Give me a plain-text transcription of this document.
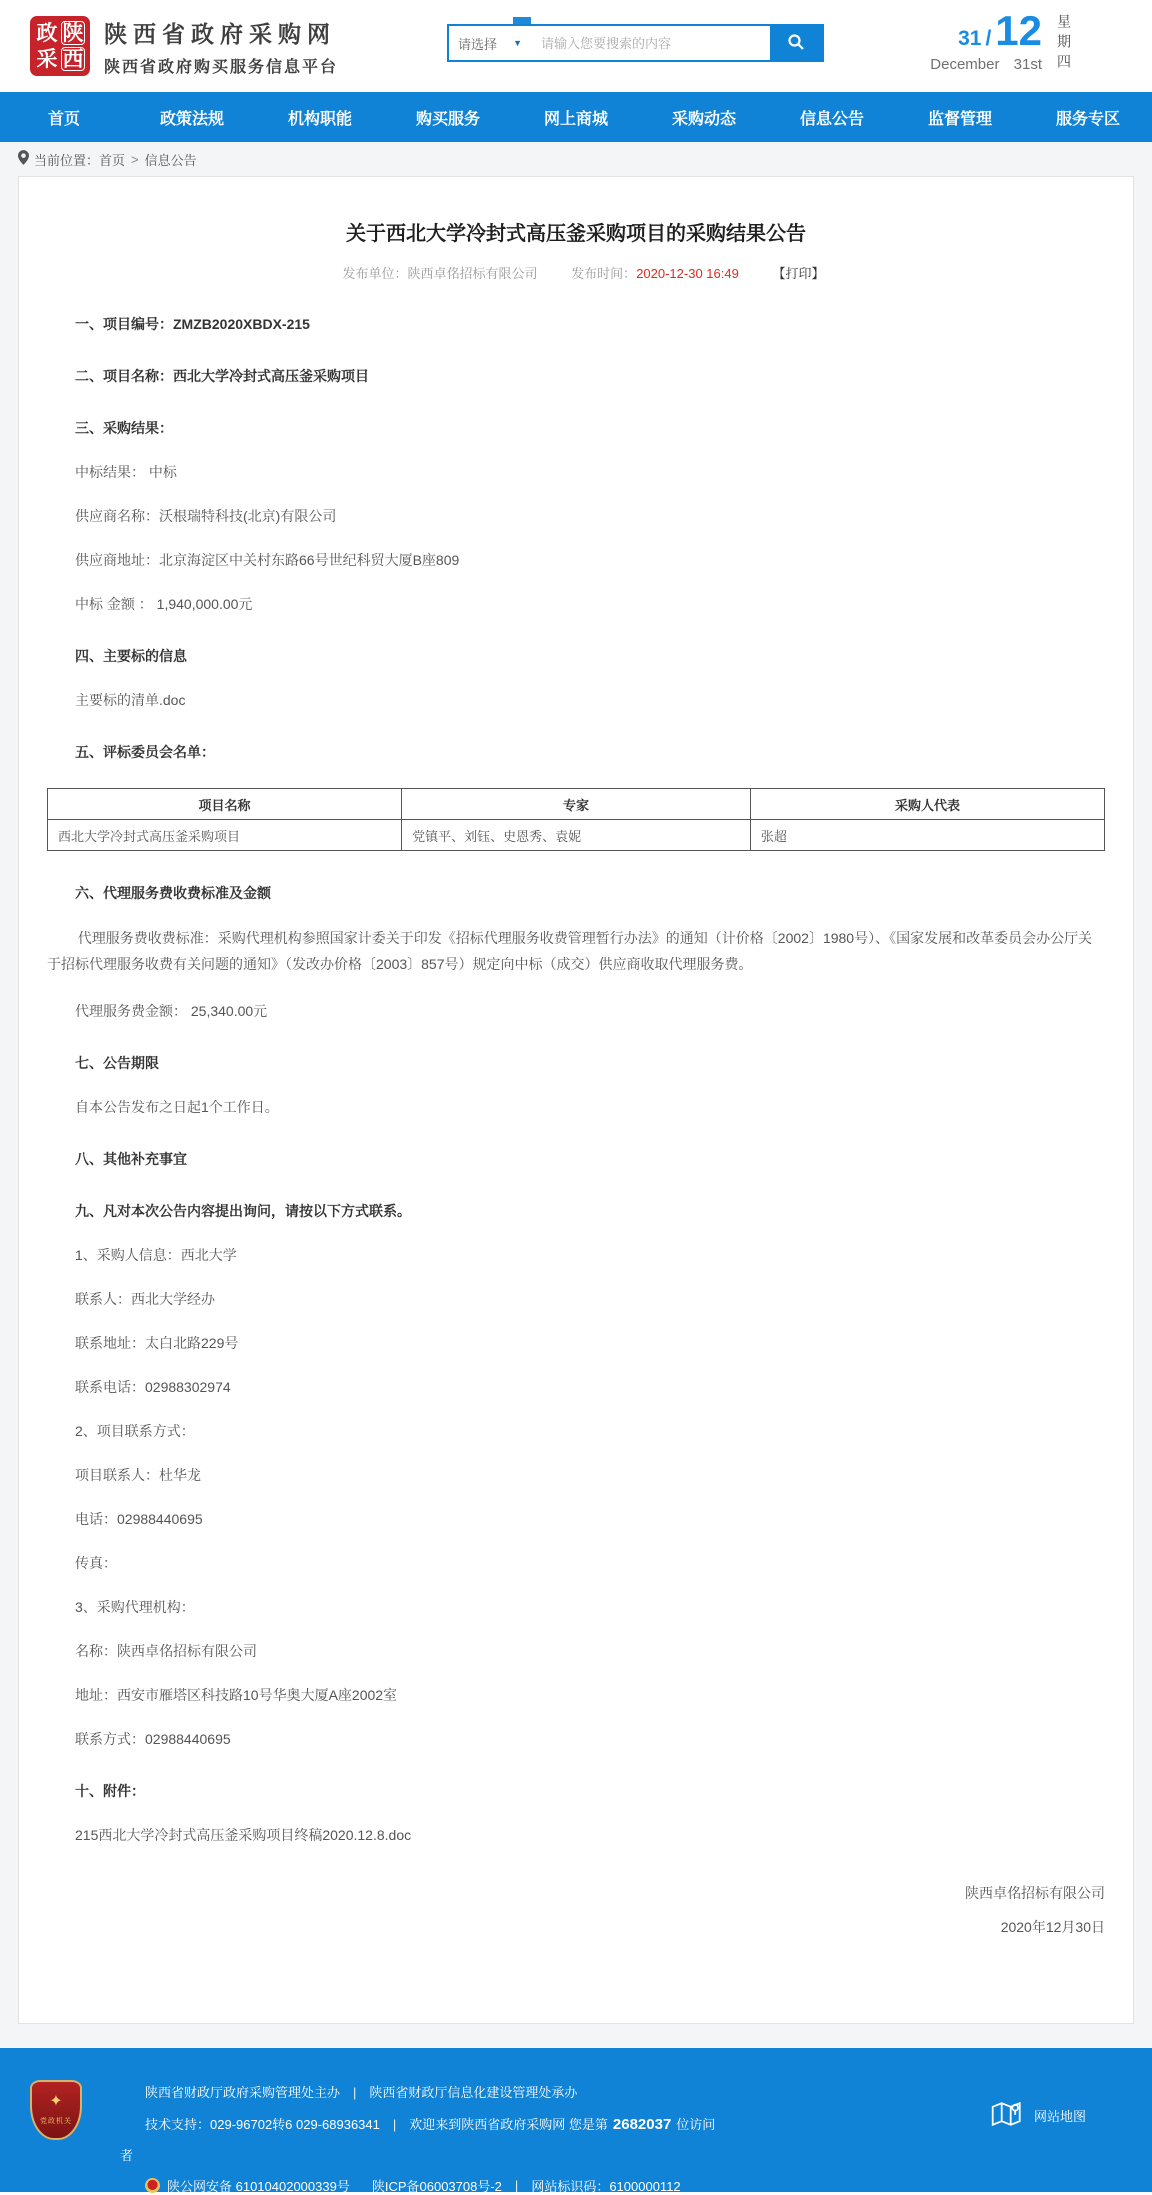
政 陕
采 西
陕西省政府采购网
陕西省政府购买服务信息平台
请选择 ▼
请输入您要搜索的内容	31 / 12
December 31st 星期四
首页	政策法规	机构职能	购买服务	网上商城	采购动态	信息公告	监督管理	服务专区
当前位置： 首页 > 信息公告
关于西北大学冷封式高压釜采购项目的采购结果公告
发布单位：陕西卓佲招标有限公司	发布时间：2020-12-30 16:49	【打印】

一、项目编号：ZMZB2020XBDX-215

二、项目名称：西北大学冷封式高压釜采购项目

三、采购结果：

中标结果： 中标

供应商名称：沃根瑞特科技(北京)有限公司

供应商地址：北京海淀区中关村东路66号世纪科贸大厦B座809

中标 金额 ： 1,940,000.00元

四、主要标的信息

主要标的清单.doc

五、评标委员会名单：

项目名称	专家	采购人代表
西北大学冷封式高压釜采购项目	党镇平、刘钰、史恩秀、袁妮	张超

六、代理服务费收费标准及金额

代理服务费收费标准：采购代理机构参照国家计委关于印发《招标代理服务收费管理暂行办法》的通知（计价格〔2002〕1980号）、《国家发展和改革委员会办公厅关于招标代理服务收费有关问题的通知》（发改办价格〔2003〕857号）规定向中标（成交）供应商收取代理服务费。

代理服务费金额： 25,340.00元

七、公告期限

自本公告发布之日起1个工作日。

八、其他补充事宜

九、凡对本次公告内容提出询问，请按以下方式联系。

1、采购人信息：西北大学

联系人：西北大学经办

联系地址：太白北路229号

联系电话：02988302974

2、项目联系方式：

项目联系人：杜华龙

电话：02988440695

传真：

3、采购代理机构：

名称：陕西卓佲招标有限公司

地址：西安市雁塔区科技路10号华奥大厦A座2002室

联系方式：02988440695

十、附件：

215西北大学冷封式高压釜采购项目终稿2020.12.8.doc

陕西卓佲招标有限公司
2020年12月30日
✦
党政机关
陕西省财政厅政府采购管理处主办 | 陕西省财政厅信息化建设管理处承办
技术支持：029-96702转6 029-68936341 | 欢迎来到陕西省政府采购网 您是第 2682037 位访问
者
陕公网安备 61010402000339号 陕ICP备06003708号-2 | 网站标识码：6100000112
网站地图
